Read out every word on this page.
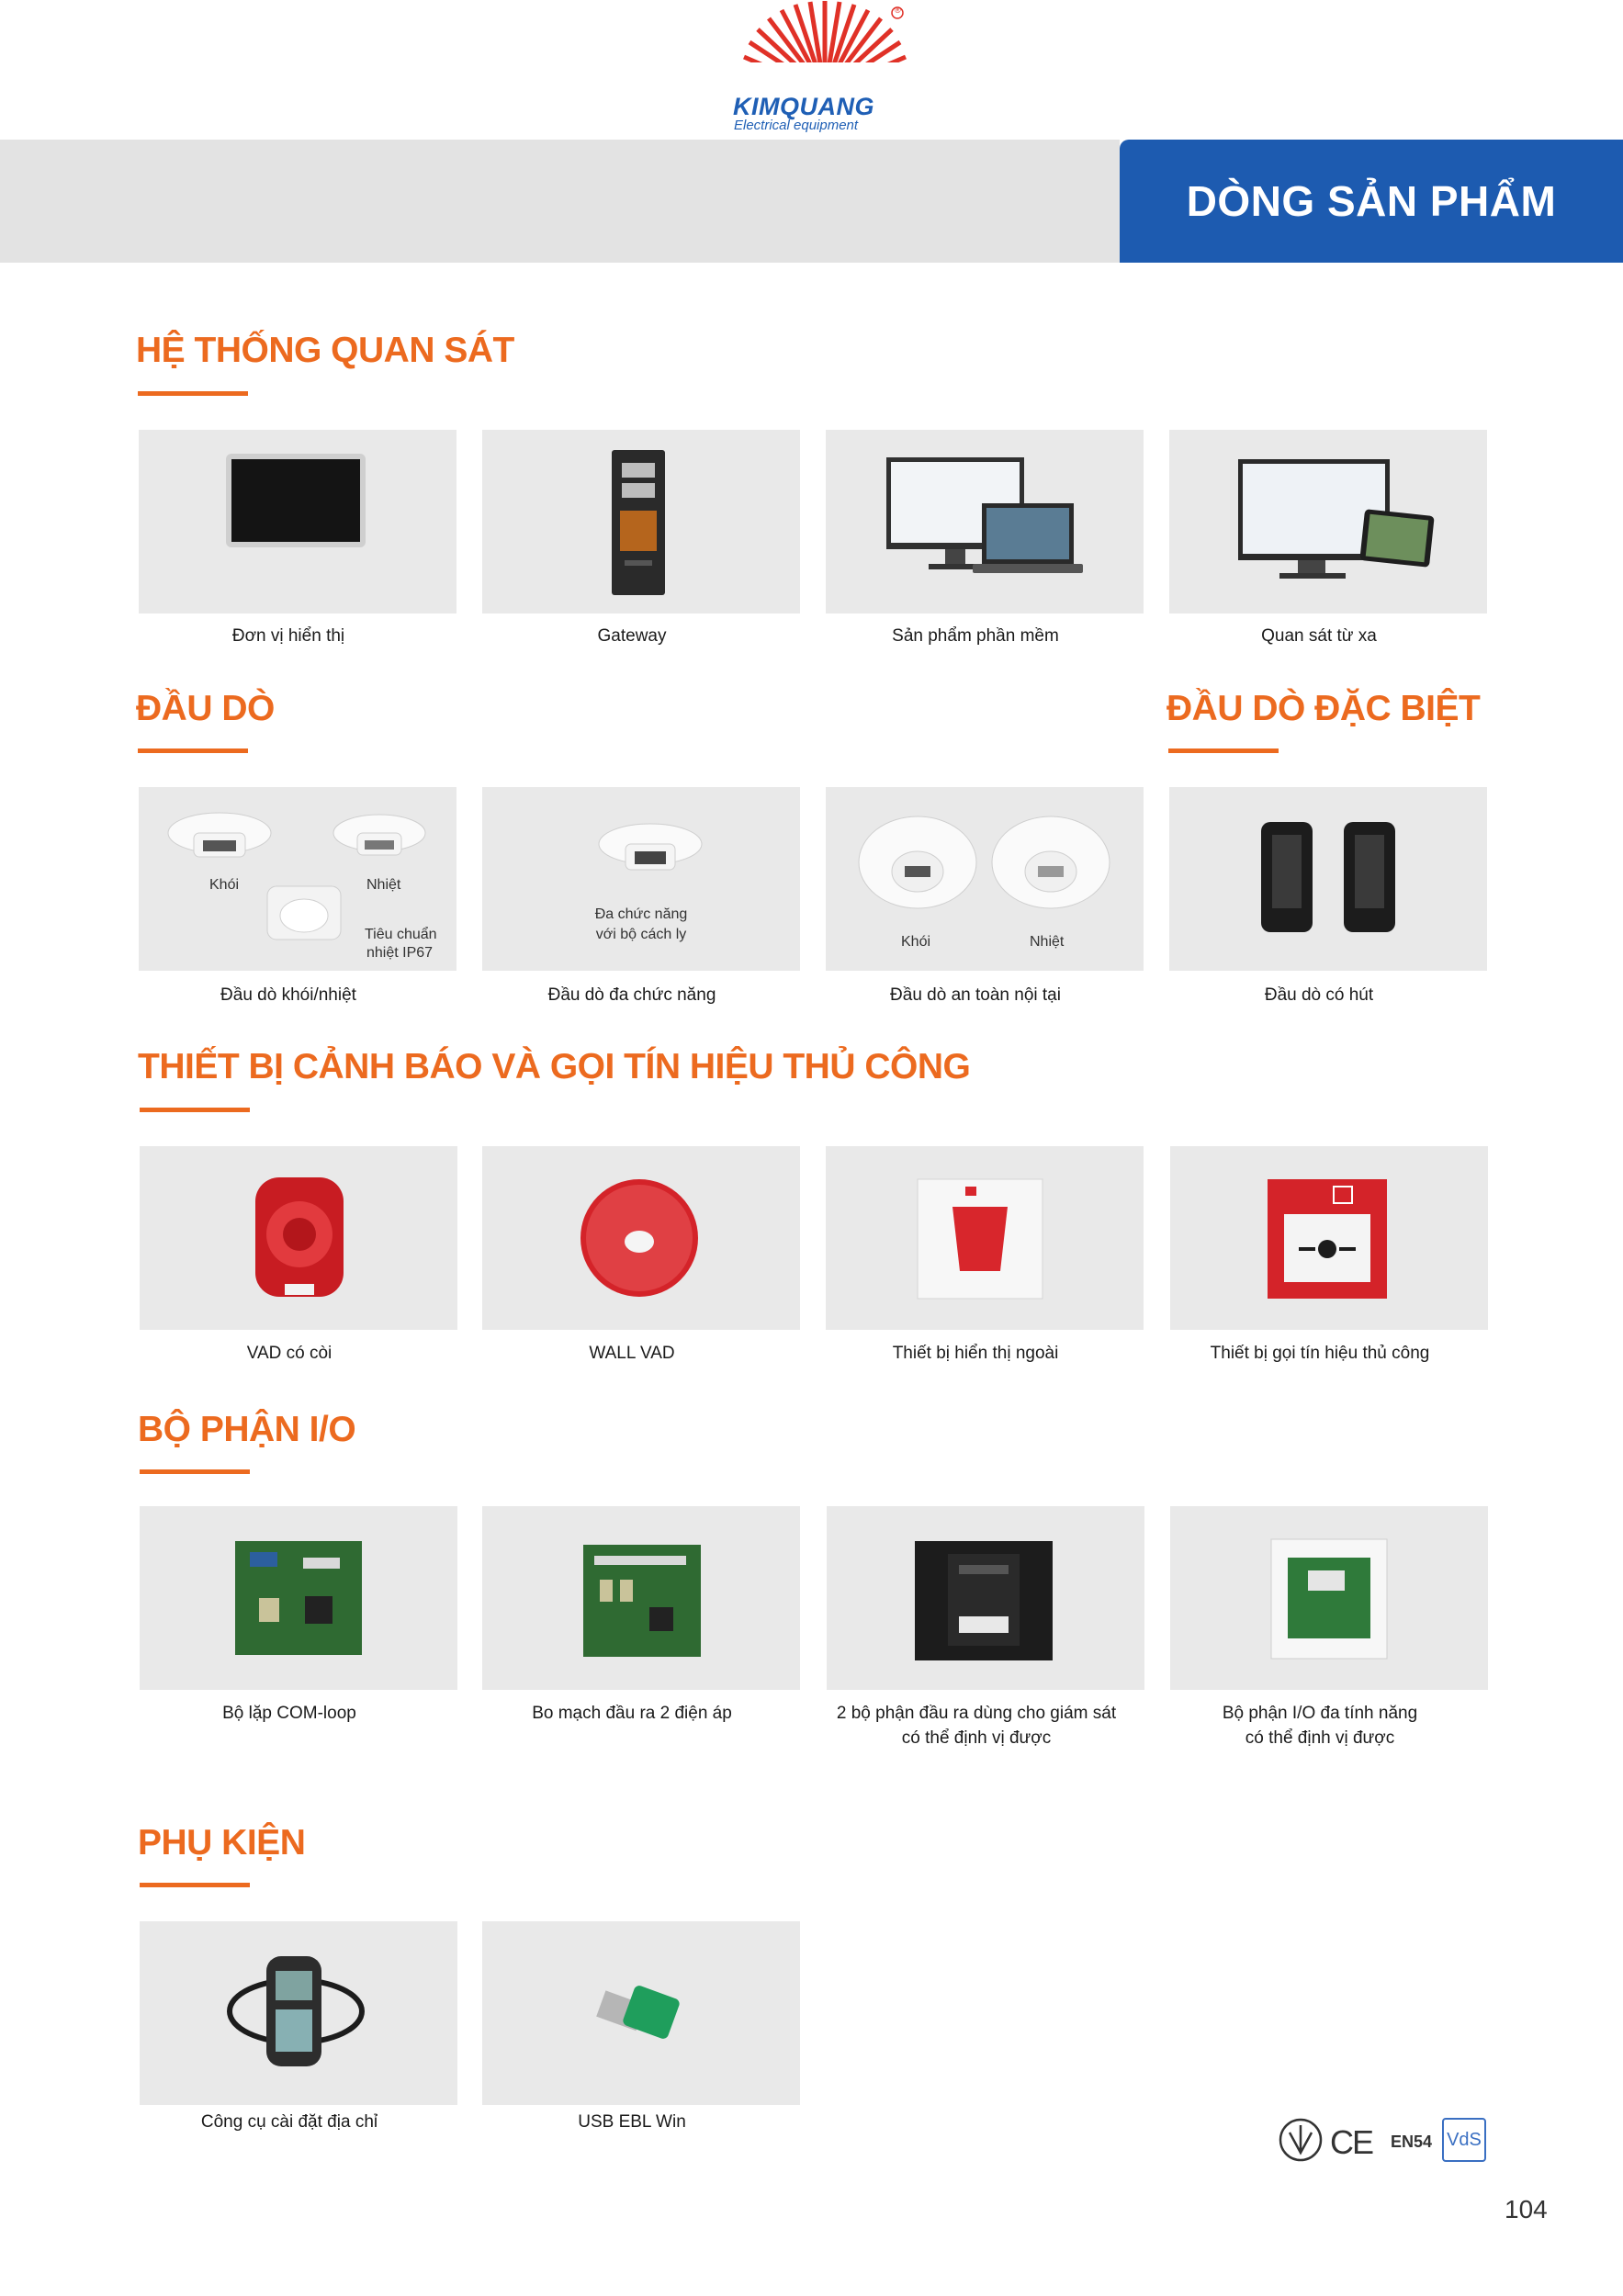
®
KIMQUANG
Electrical equipment
DÒNG SẢN PHẨM
HỆ THỐNG QUAN SÁT
Đơn vị hiển thị	Gateway	Sản phẩm phần mềm	Quan sát từ xa
ĐẦU DÒ	ĐẦU DÒ ĐẶC BIỆT
Khói	Nhiệt
Tiêu chuẩn
nhiệt IP67
Đầu dò khói/nhiệt
Đa chức năng
với bộ cách ly
Đầu dò đa chức năng
Khói	Nhiệt
Đầu dò an toàn nội tại	Đầu dò có hút
THIẾT BỊ CẢNH BÁO VÀ GỌI TÍN HIỆU THỦ CÔNG
VAD có còi	WALL VAD	Thiết bị hiển thị ngoài	Thiết bị gọi tín hiệu thủ công
BỘ PHẬN I/O
Bộ lặp COM-loop	Bo mạch đầu ra 2 điện áp	2 bộ phận đầu ra dùng cho giám sát
có thể định vị được
Bộ phận I/O đa tính năng
có thể định vị được
PHỤ KIỆN
Công cụ cài đặt địa chỉ	USB EBL Win
CE EN54 VdS
104
